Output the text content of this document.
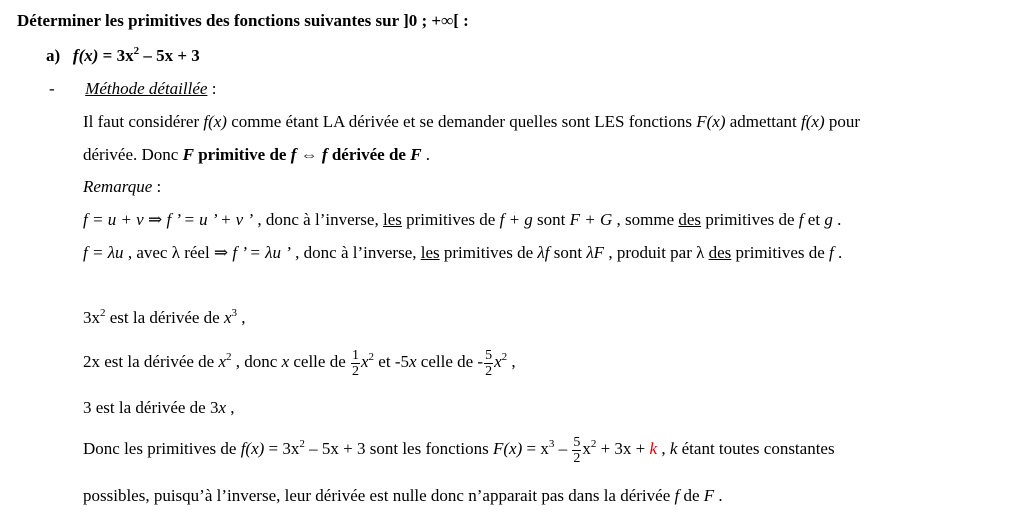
Déterminer les primitives des fonctions suivantes sur ]0 ; +∞[ :
a) $f(x) = 3x^2 - 5x + 3$
- Méthode détaillée :
Il faut considérer f(x) comme étant LA dérivée et se demander quelles sont LES fonctions F(x) admettant f(x) pour
dérivée. Donc F primitive de f ⇔ f dérivée de F .
Remarque :
f = u + v ⇒ f ’ = u ’ + v ’ , donc à l’inverse, les primitives de f + g sont F + G , somme des primitives de f et g .
f = λu , avec λ réel ⇒ f ’ = λu ’ , donc à l’inverse, les primitives de λf sont λF , produit par λ des primitives de f .
$3x^2$ est la dérivée de $x^3$ ,
2x est la dérivée de $x^2$ , donc x celle de $\frac{1}{2} x^2$ et -5x celle de - $\frac{5}{2} x^2$ ,
3 est la dérivée de 3x ,
Donc les primitives de $f(x) = 3x^2 - 5x + 3$ sont les fonctions $F(x) = x^3 - \frac{5}{2} x^2 + 3x + k$ , k étant toutes constantes
possibles, puisqu’à l’inverse, leur dérivée est nulle donc n’apparait pas dans la dérivée f de F .
